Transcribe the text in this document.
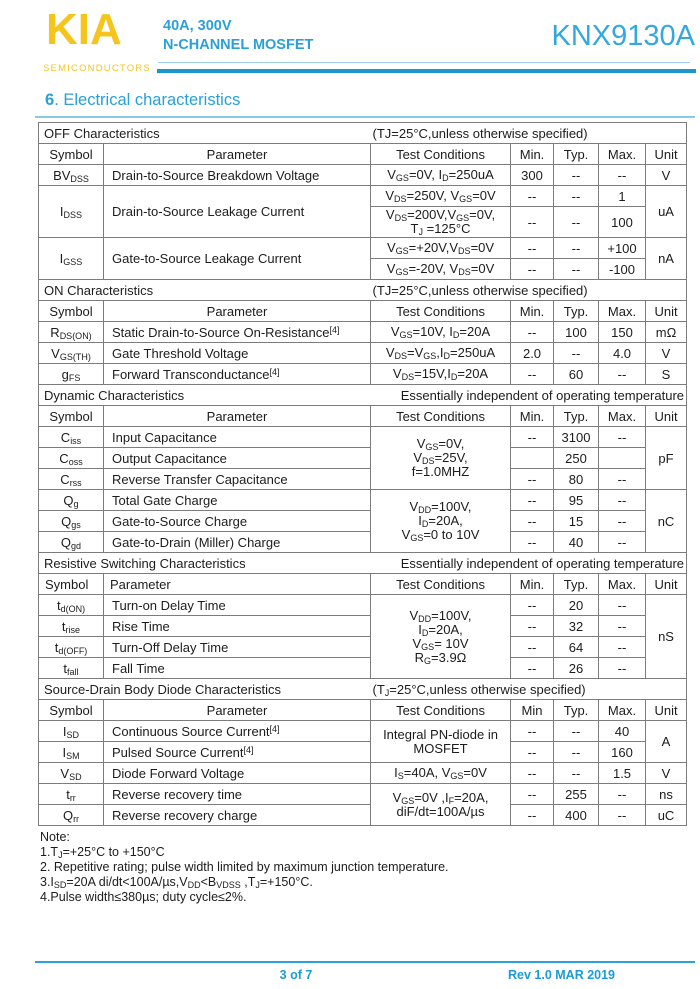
KIA
SEMICONDUCTORS
40A, 300V
N-CHANNEL MOSFET	KNX9130A
6. Electrical characteristics
OFF Characteristics		(TJ=25°C,unless otherwise specified)				
Symbol	Parameter	Test Conditions	Min.	Typ.	Max.	Unit
$BV_{DSS}$	Drain-to-Source Breakdown Voltage	$V_{GS}=0V$, $I_D=250uA$	300	--	--	V
$I_{DSS}$	Drain-to-Source Leakage Current	$V_{DS}=250V$, $V_{GS}=0V$	--	--	1	uA
		$V_{DS}=200V,V_{GS}=0V$,
$T_J =125^\circ C$	--	--	100	
$I_{GSS}$	Gate-to-Source Leakage Current	$V_{GS}=+20V,V_{DS}=0V$	--	--	+100	nA
		$V_{GS}=-20V$, $V_{DS}=0V$	--	--	-100	
ON Characteristics		(TJ=25°C,unless otherwise specified)				
Symbol	Parameter	Test Conditions	Min.	Typ.	Max.	Unit
$R_{DS(ON)}$	Static Drain-to-Source On-Resistance[4]	$V_{GS}=10V$, $I_D=20A$	--	100	150	mΩ
$V_{GS(TH)}$	Gate Threshold Voltage	$V_{DS}=V_{GS},I_D=250uA$	2.0	--	4.0	V
$g_{FS}$	Forward Transconductance[4]	$V_{DS}=15V,I_D=20A$	--	60	--	S
Dynamic Characteristics		Essentially independent of operating temperature				
Symbol	Parameter	Test Conditions	Min.	Typ.	Max.	Unit
$C_{iss}$	Input Capacitance	$V_{GS}=0V$,
$V_{DS}=25V$,
f=1.0MHZ	--	3100	--	pF
$C_{oss}$	Output Capacitance			250		
$C_{rss}$	Reverse Transfer Capacitance		--	80	--	
$Q_g$	Total Gate Charge	$V_{DD}=100V$,
$I_D=20A$,
$V_{GS}=0$ to 10V	--	95	--	nC
$Q_{gs}$	Gate-to-Source Charge		--	15	--	
$Q_{gd}$	Gate-to-Drain (Miller) Charge		--	40	--	
Resistive Switching Characteristics		Essentially independent of operating temperature				
Symbol	Parameter	Test Conditions	Min.	Typ.	Max.	Unit
$t_{d(ON)}$	Turn-on Delay Time	$V_{DD}=100V$,
$I_D=20A$,
$V_{GS}= 10V$
$R_G=3.9\Omega$	--	20	--	nS
$t_{rise}$	Rise Time		--	32	--	
$t_{d(OFF)}$	Turn-Off Delay Time		--	64	--	
$t_{fall}$	Fall Time		--	26	--	
Source-Drain Body Diode Characteristics		($T_J=25^\circ C,unless$ otherwise specified)				
Symbol	Parameter	Test Conditions	Min	Typ.	Max.	Unit
$I_{SD}$	Continuous Source Current[4]	Integral PN-diode in
MOSFET	--	--	40	A
$I_{SM}$	Pulsed Source Current[4]		--	--	160	
$V_{SD}$	Diode Forward Voltage	$I_S=40A$, $V_{GS}=0V$	--	--	1.5	V
$t_{rr}$	Reverse recovery time	$V_{GS}=0V$ $,I_F=20A$,
diF/dt=100A/µs	--	255	--	ns
$Q_{rr}$	Reverse recovery charge		--	400	--	uC
Note:
$1.T_J=+25^\circ C$ to +150°C
2. Repetitive rating; pulse width limited by maximum junction temperature.
$3.I_{SD}=20A$ $di/dt<100A/\mu s,V_{DD}<B_{VDSS}$ $,T_J=+150^\circ C$.
4.Pulse width≤380µs; duty cycle≤2%.
3 of 7	Rev 1.0 MAR 2019
